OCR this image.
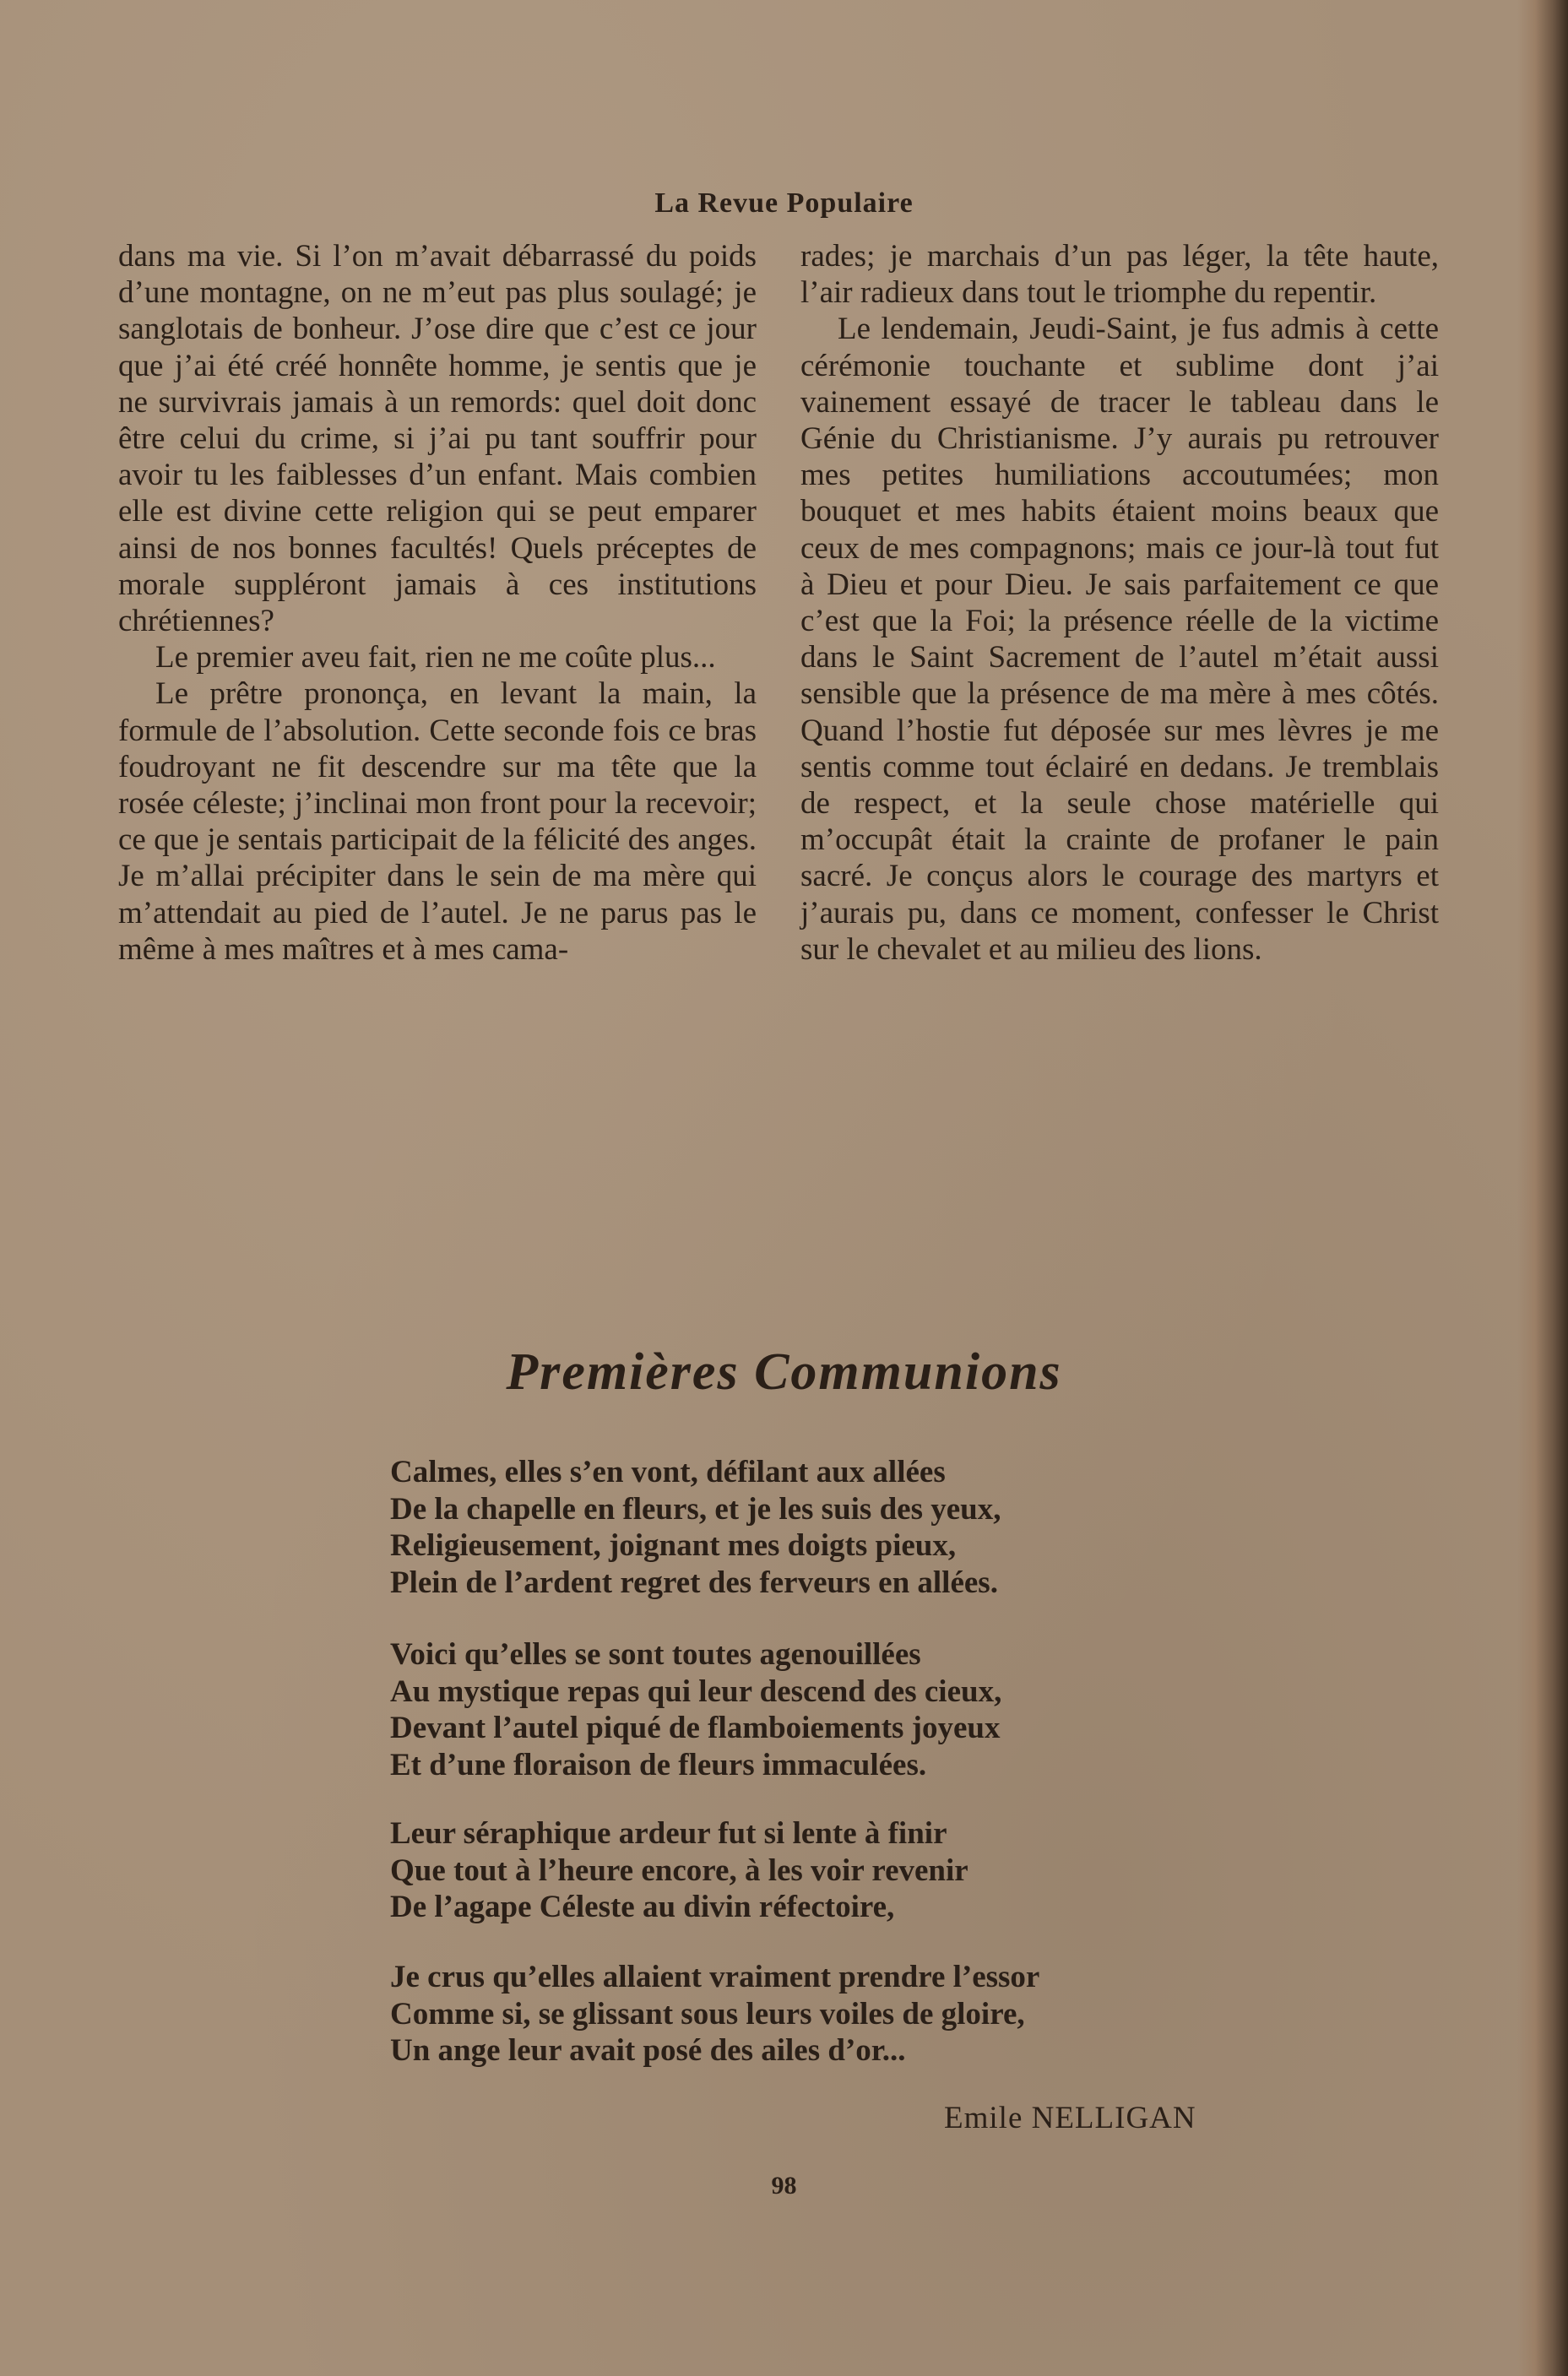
La Revue Populaire

dans ma vie. Si l’on m’avait débarrassé du poids d’une montagne, on ne m’eut pas plus soulagé; je sanglotais de bonheur. J’ose dire que c’est ce jour que j’ai été créé honnête homme, je sentis que je ne survivrais jamais à un remords: quel doit donc être celui du crime, si j’ai pu tant souffrir pour avoir tu les faiblesses d’un enfant. Mais combien elle est divine cette religion qui se peut emparer ainsi de nos bonnes facultés! Quels préceptes de morale suppléront jamais à ces institutions chrétiennes?

Le premier aveu fait, rien ne me coûte plus...

Le prêtre prononça, en levant la main, la formule de l’absolution. Cette seconde fois ce bras foudroyant ne fit descendre sur ma tête que la rosée céleste; j’inclinai mon front pour la recevoir; ce que je sentais participait de la félicité des anges. Je m’allai précipiter dans le sein de ma mère qui m’attendait au pied de l’autel. Je ne parus pas le même à mes maîtres et à mes cama-

rades; je marchais d’un pas léger, la tête haute, l’air radieux dans tout le triomphe du repentir.

Le lendemain, Jeudi-Saint, je fus admis à cette cérémonie touchante et sublime dont j’ai vainement essayé de tracer le tableau dans le Génie du Christianisme. J’y aurais pu retrouver mes petites humiliations accoutumées; mon bouquet et mes habits étaient moins beaux que ceux de mes compagnons; mais ce jour-là tout fut à Dieu et pour Dieu. Je sais parfaitement ce que c’est que la Foi; la présence réelle de la victime dans le Saint Sacrement de l’autel m’était aussi sensible que la présence de ma mère à mes côtés. Quand l’hostie fut déposée sur mes lèvres je me sentis comme tout éclairé en dedans. Je tremblais de respect, et la seule chose matérielle qui m’occupât était la crainte de profaner le pain sacré. Je conçus alors le courage des martyrs et j’aurais pu, dans ce moment, confesser le Christ sur le chevalet et au milieu des lions.

Premières Communions
Calmes, elles s’en vont, défilant aux allées
De la chapelle en fleurs, et je les suis des yeux,
Religieusement, joignant mes doigts pieux,
Plein de l’ardent regret des ferveurs en allées.
Voici qu’elles se sont toutes agenouillées
Au mystique repas qui leur descend des cieux,
Devant l’autel piqué de flamboiements joyeux
Et d’une floraison de fleurs immaculées.
Leur séraphique ardeur fut si lente à finir
Que tout à l’heure encore, à les voir revenir
De l’agape Céleste au divin réfectoire,
Je crus qu’elles allaient vraiment prendre l’essor
Comme si, se glissant sous leurs voiles de gloire,
Un ange leur avait posé des ailes d’or...
Emile NELLIGAN
98
